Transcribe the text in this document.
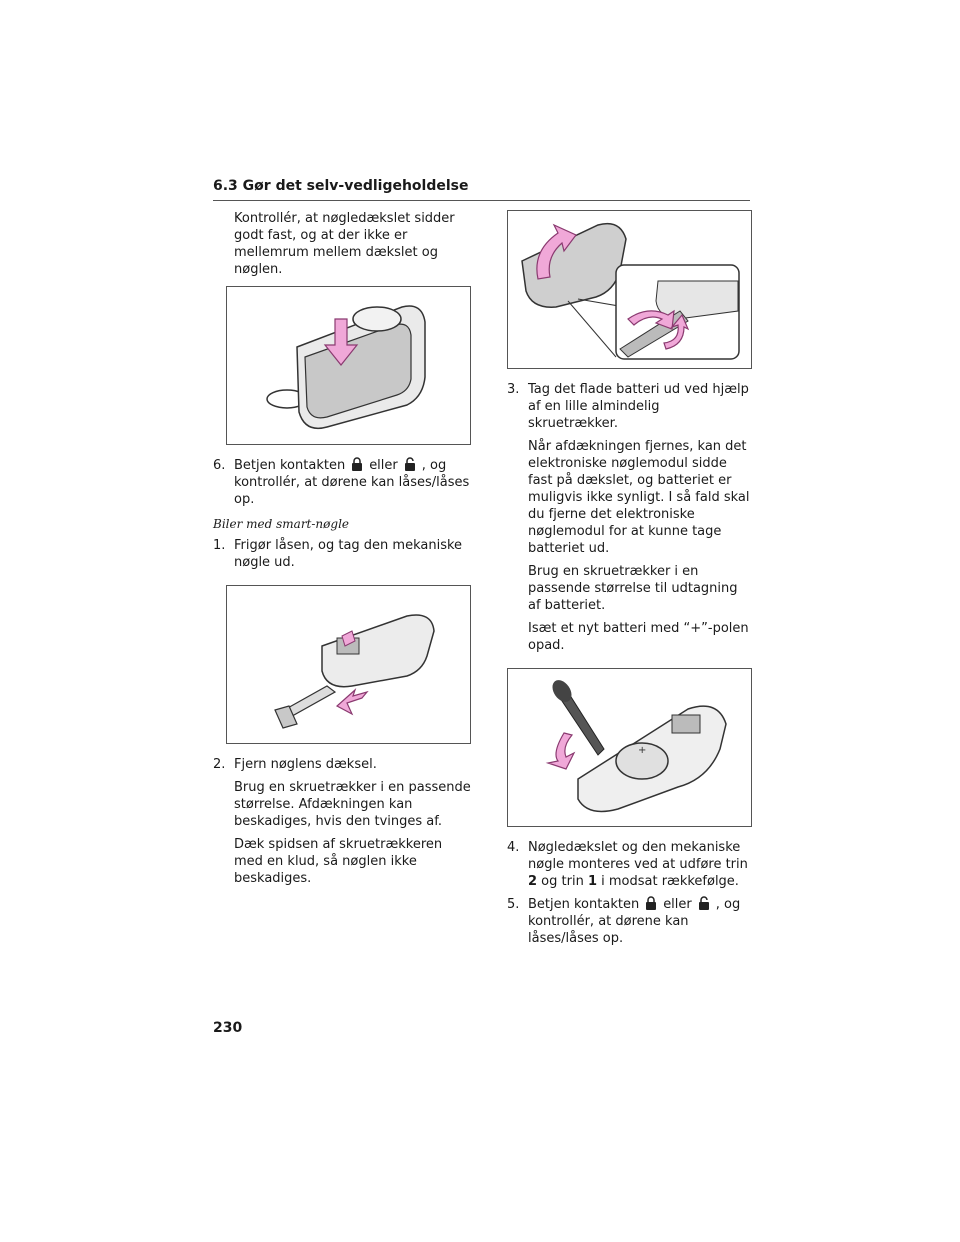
6.3 Gør det selv-vedligeholdelse

Kontrollér, at nøgledækslet sidder godt fast, og at der ikke er mellemrum mellem dækslet og nøglen.

6. Betjen kontakten eller , og kontrollér, at dørene kan låses/låses op.
Biler med smart-nøgle
1. Frigør låsen, og tag den mekaniske nøgle ud.
2. Fjern nøglens dæksel.

Brug en skruetrækker i en passende størrelse. Afdækningen kan beskadiges, hvis den tvinges af.

Dæk spidsen af skruetrækkeren med en klud, så nøglen ikke beskadiges.

3. Tag det flade batteri ud ved hjælp af en lille almindelig skruetrækker.

Når afdækningen fjernes, kan det elektroniske nøglemodul sidde fast på dækslet, og batteriet er muligvis ikke synligt. I så fald skal du fjerne det elektroniske nøglemodul for at kunne tage batteriet ud.

Brug en skruetrækker i en passende størrelse til udtagning af batteriet.

Isæt et nyt batteri med “+”-polen opad.

+
4. Nøgledækslet og den mekaniske nøgle monteres ved at udføre trin 2 og trin 1 i modsat rækkefølge.
5. Betjen kontakten eller , og kontrollér, at dørene kan låses/låses op.
230
